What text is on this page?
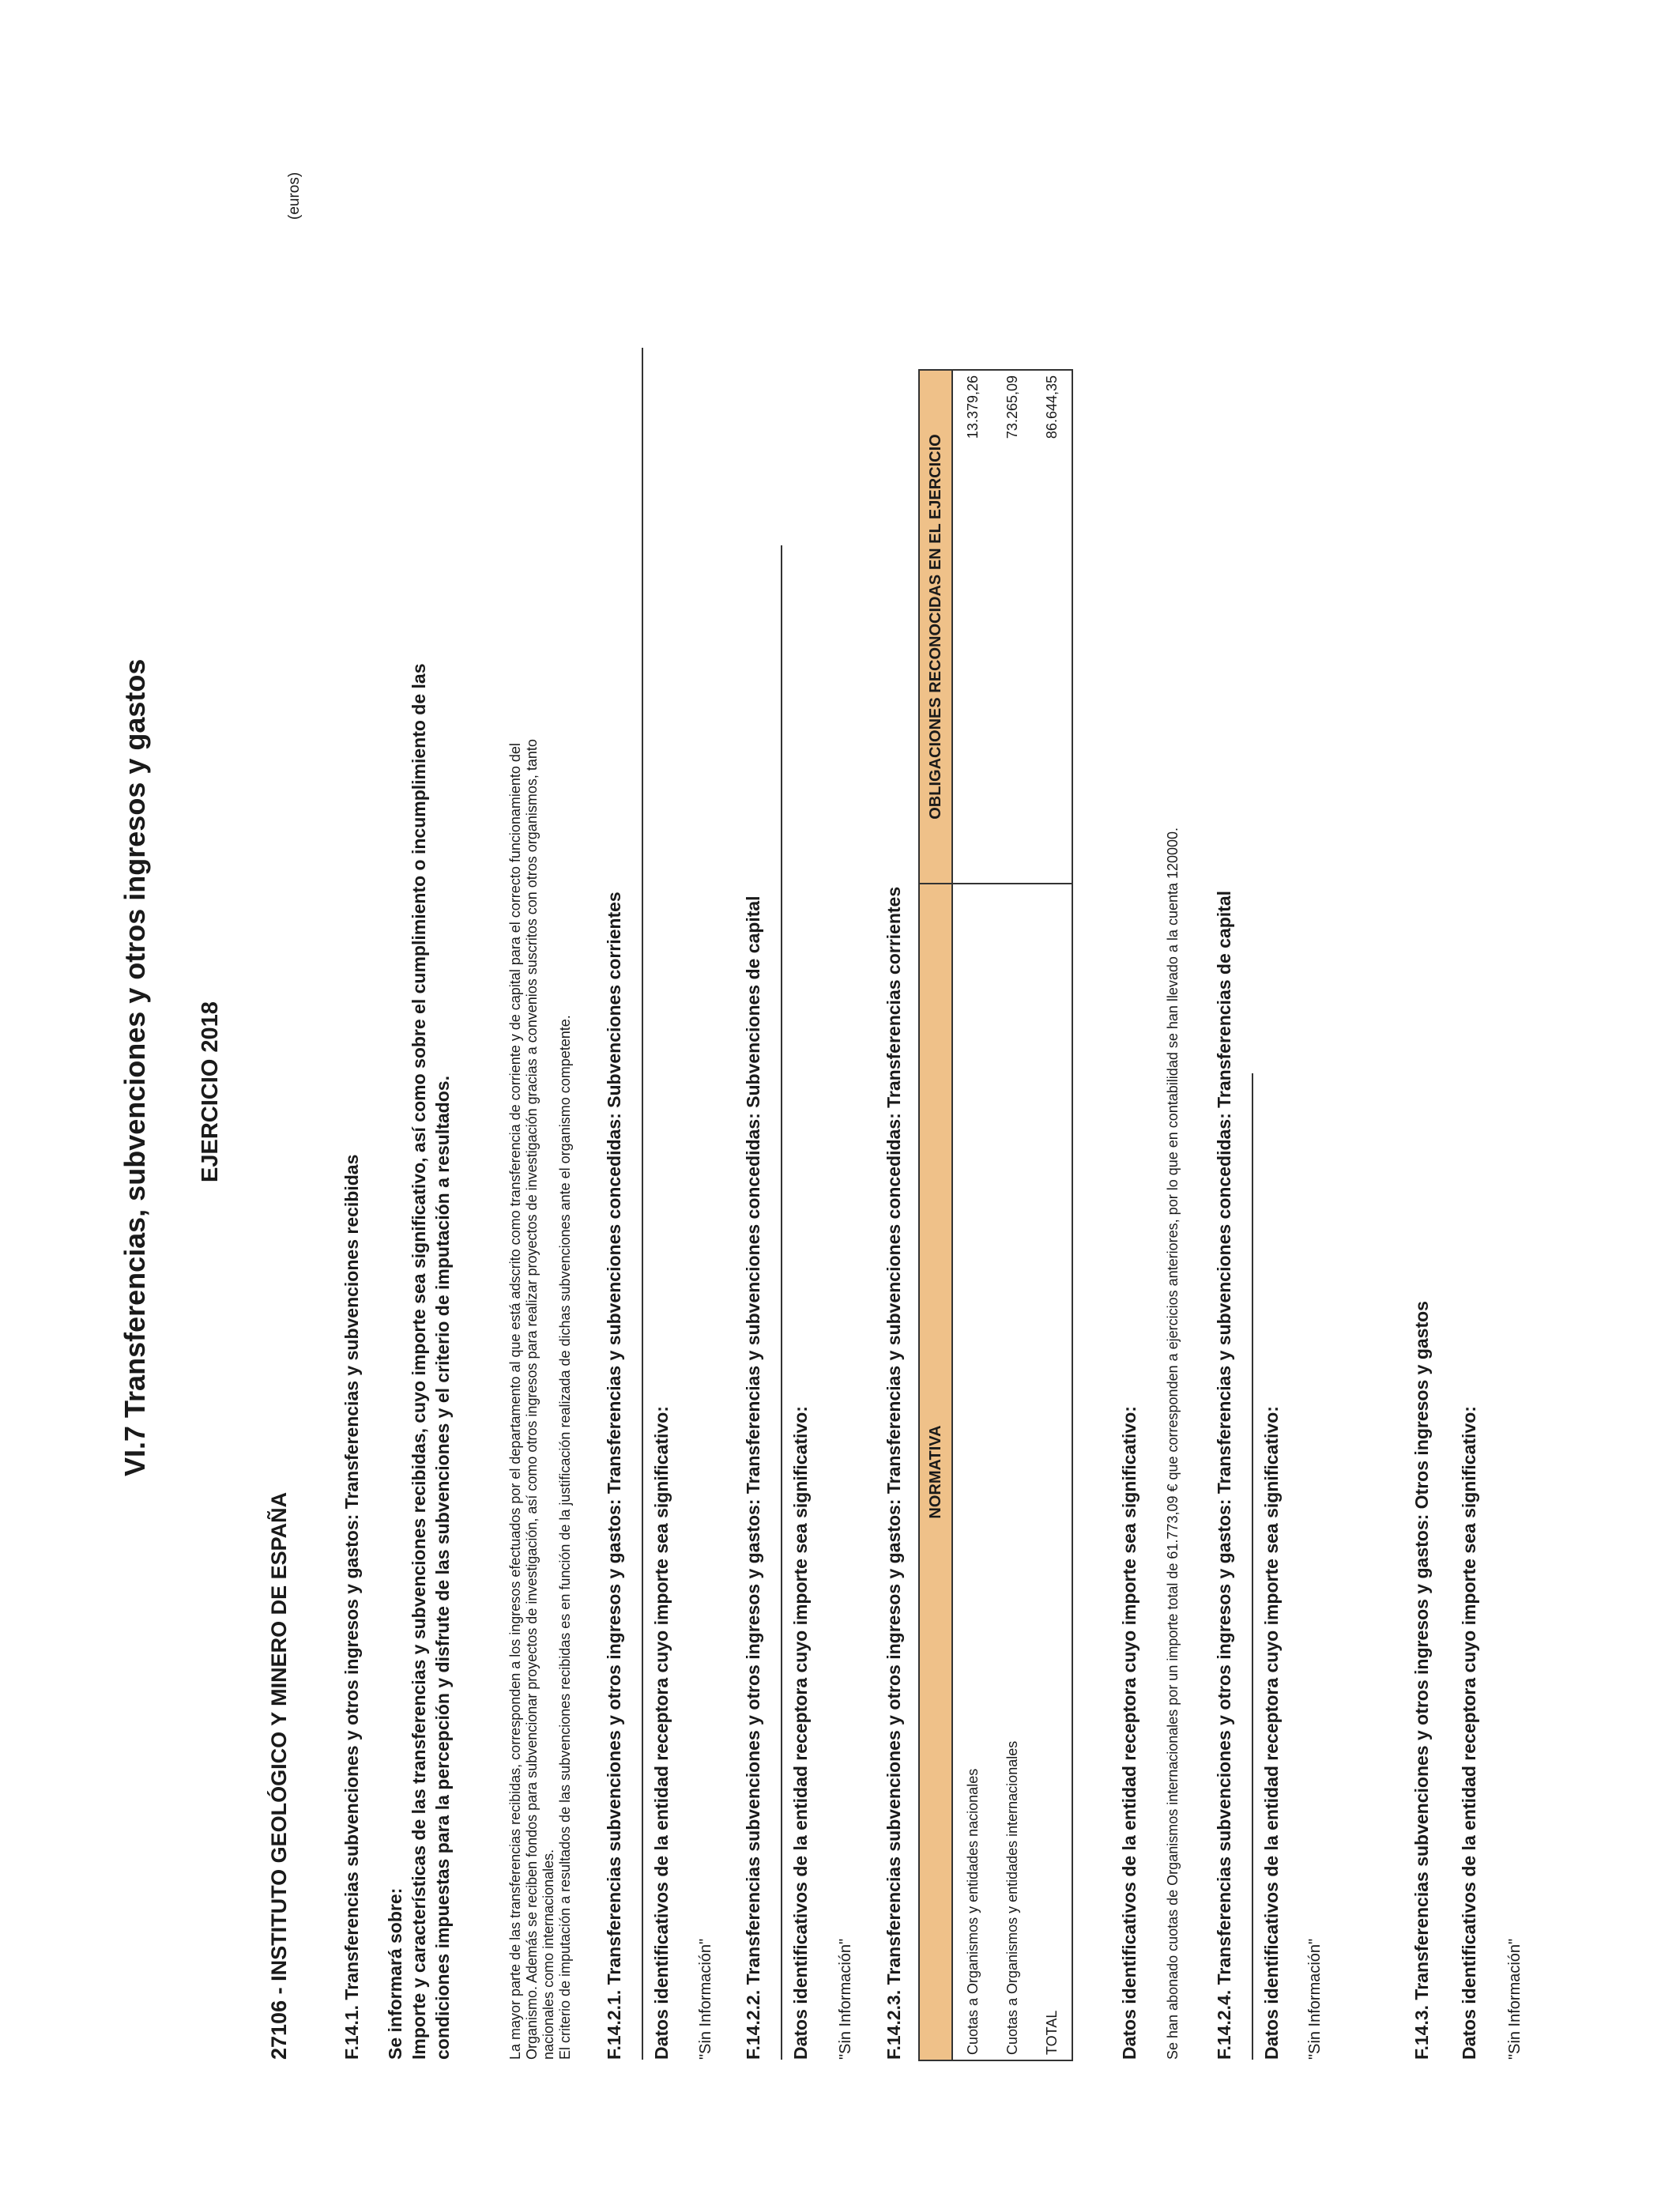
VI.7 Transferencias, subvenciones y otros ingresos y gastos EJERCICIO 2018
27106 - INSTITUTO GEOLÓGICO Y MINERO DE ESPAÑA
(euros)
F.14.1. Transferencias subvenciones y otros ingresos y gastos: Transferencias y subvenciones recibidas Se informará sobre: Importe y características de las transferencias y subvenciones recibidas, cuyo importe sea significativo, así como sobre el cumplimiento o incumplimiento de las condiciones impuestas para la percepción y disfrute de las subvenciones y el criterio de imputación a resultados.	La mayor parte de las transferencias recibidas, corresponden a los ingresos efectuados por el departamento al que está adscrito como transferencia de corriente y de capital para el correcto funcionamiento del Organismo. Además se reciben fondos para subvencionar proyectos de investigación, así como otros ingresos para realizar proyectos de investigación gracias a convenios suscritos con otros organismos, tanto nacionales como internacionales. El criterio de imputación a resultados de las subvenciones recibidas es en función de la justificación realizada de dichas subvenciones ante el organismo competente. F.14.2.1. Transferencias subvenciones y otros ingresos y gastos: Transferencias y subvenciones concedidas: Subvenciones corrientes Datos identificativos de la entidad receptora cuyo importe sea significativo: "Sin Información" F.14.2.2. Transferencias subvenciones y otros ingresos y gastos: Transferencias y subvenciones concedidas: Subvenciones de capital Datos identificativos de la entidad receptora cuyo importe sea significativo: "Sin Información" F.14.2.3. Transferencias subvenciones y otros ingresos y gastos: Transferencias y subvenciones concedidas: Transferencias corrientes NORMATIVA	OBLIGACIONES RECONOCIDAS EN EL EJERCICIO
Cuotas a Organismos y entidades nacionales	13.379,26
Cuotas a Organismos y entidades internacionales	73.265,09
TOTAL	86.644,35
Datos identificativos de la entidad receptora cuyo importe sea significativo: Se han abonado cuotas de Organismos internacionales por un importe total de 61.773,09 € que corresponden a ejercicios anteriores, por lo que en contabilidad se han llevado a la cuenta 120000. F.14.2.4. Transferencias subvenciones y otros ingresos y gastos: Transferencias y subvenciones concedidas: Transferencias de capital Datos identificativos de la entidad receptora cuyo importe sea significativo: "Sin Información"	F.14.3. Transferencias subvenciones y otros ingresos y gastos: Otros ingresos y gastos Datos identificativos de la entidad receptora cuyo importe sea significativo: "Sin Información"
